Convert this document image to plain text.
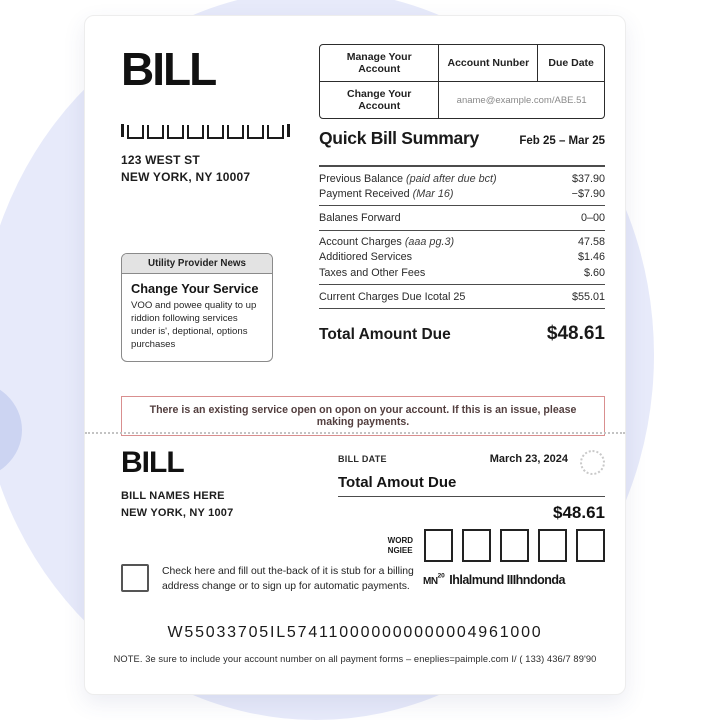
BILL	Manage Your Account	Account Nunber	Due Date
Change Your Account	aname@example.com/ABE.51	
123 WEST ST
NEW YORK, NY 10007
Quick Bill Summary	Feb 25 – Mar 25
Previous Balance (paid after due bct)	$37.90
Payment Received (Mar 16)	−$7.90
Balanes Forward	0–00
Account Charges (aaa pg.3)	47.58
Additiored Services	$1.46
Taxes and Other Fees	$.60
Current Charges Due Icotal 25	$55.01
Total Amount Due	$48.61
Utility Provider News
Change Your Service
VOO and powee quality to up riddion following services under is', deptional, options purchases
There is an existing service open on opon on your account. If this is an issue, please making payments.
BILL
BILL NAMES HERE
NEW YORK, NY 1007
BILL DATE	March 23, 2024
Total Amout Due
$48.61
WORD
NGIEE
Check here and fill out the-back of it is stub for a billing address change or to sign up for automatic payments.	MN$^{20}$ Ihlalmund IIIhndonda
W55033705IL574110000000000004961000
NOTE. 3e sure to include your account number on all payment forms – eneplies=paimple.com I/ ( 133) 436/7 89'90
